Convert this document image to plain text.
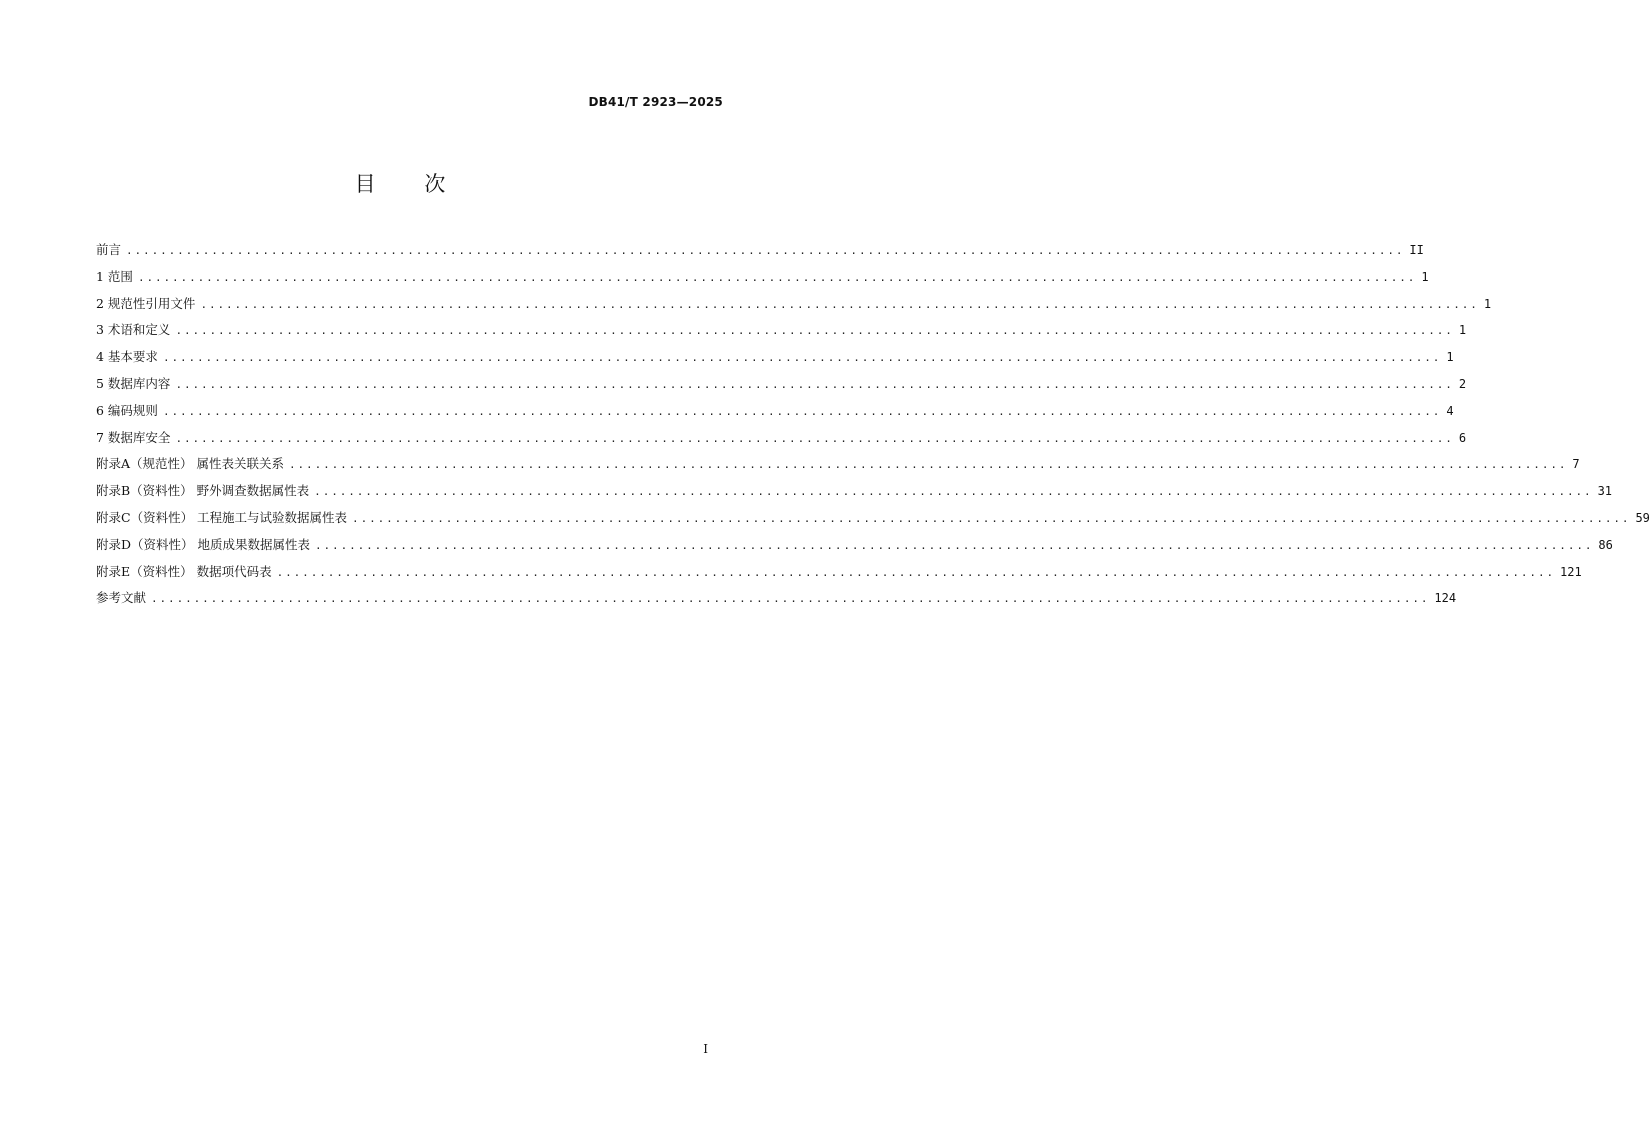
DB41/T 2923—2025
目 次
前言 ...................................................................................................................................................... II
1 范围 ...................................................................................................................................................... 1
2 规范性引用文件 ...................................................................................................................................................... 1
3 术语和定义 ...................................................................................................................................................... 1
4 基本要求 ...................................................................................................................................................... 1
5 数据库内容 ...................................................................................................................................................... 2
6 编码规则 ...................................................................................................................................................... 4
7 数据库安全 ...................................................................................................................................................... 6
附录A（规范性） 属性表关联关系 ...................................................................................................................................................... 7
附录B（资料性） 野外调查数据属性表 ...................................................................................................................................................... 31
附录C（资料性） 工程施工与试验数据属性表 ...................................................................................................................................................... 59
附录D（资料性） 地质成果数据属性表 ...................................................................................................................................................... 86
附录E（资料性） 数据项代码表 ...................................................................................................................................................... 121
参考文献 ...................................................................................................................................................... 124
I
